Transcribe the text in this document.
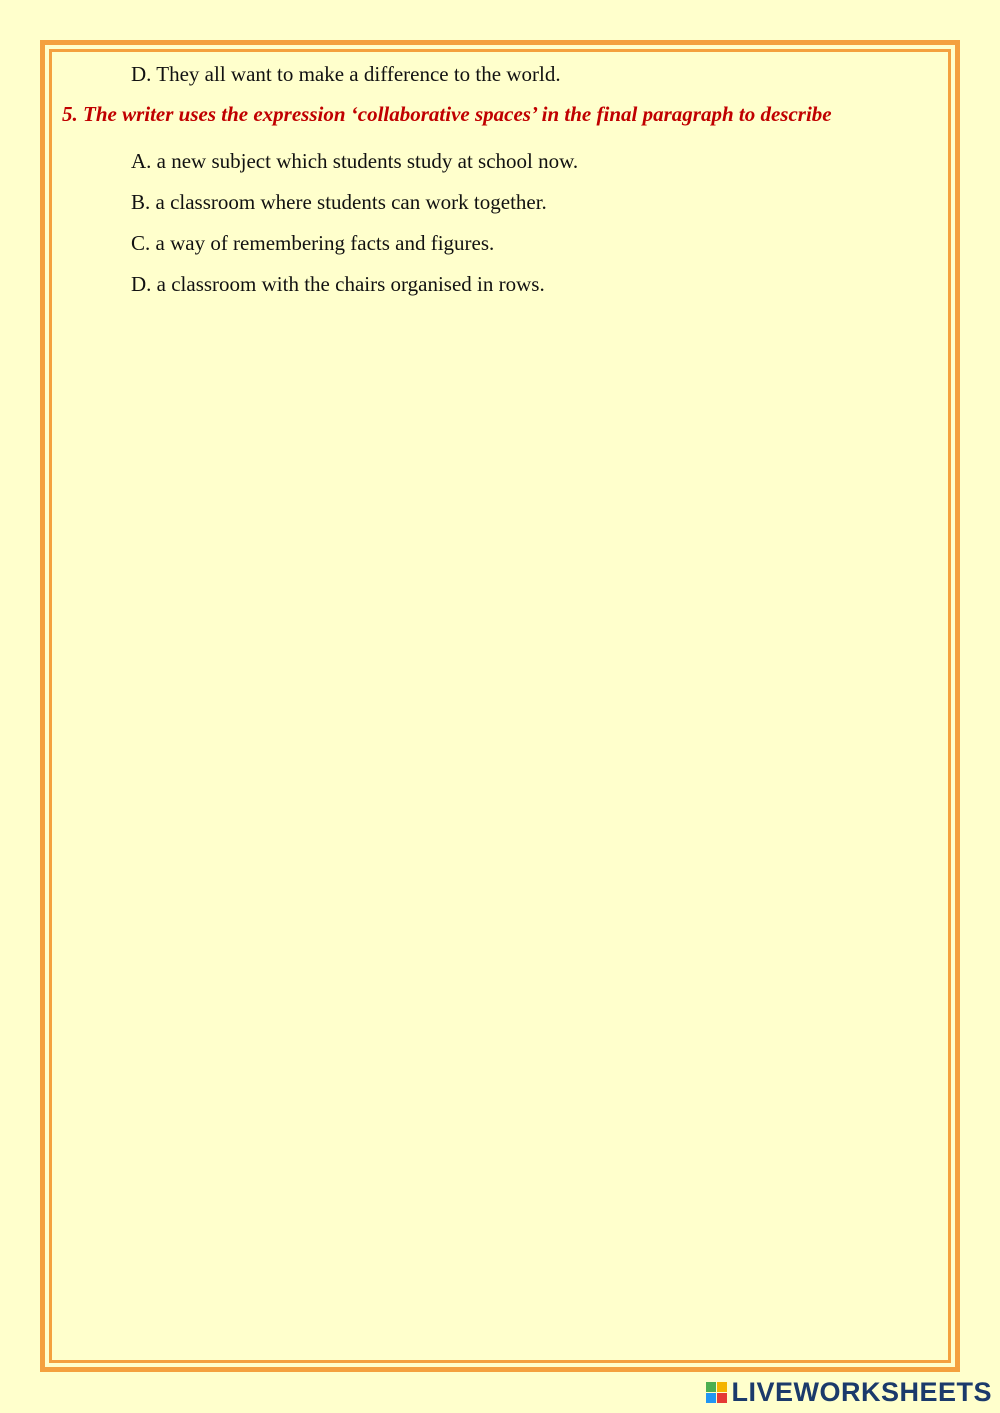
D. They all want to make a difference to the world.
5. The writer uses the expression ‘collaborative spaces’ in the final paragraph to describe
A. a new subject which students study at school now.
B. a classroom where students can work together.
C. a way of remembering facts and figures.
D. a classroom with the chairs organised in rows.
LIVEWORKSHEETS
